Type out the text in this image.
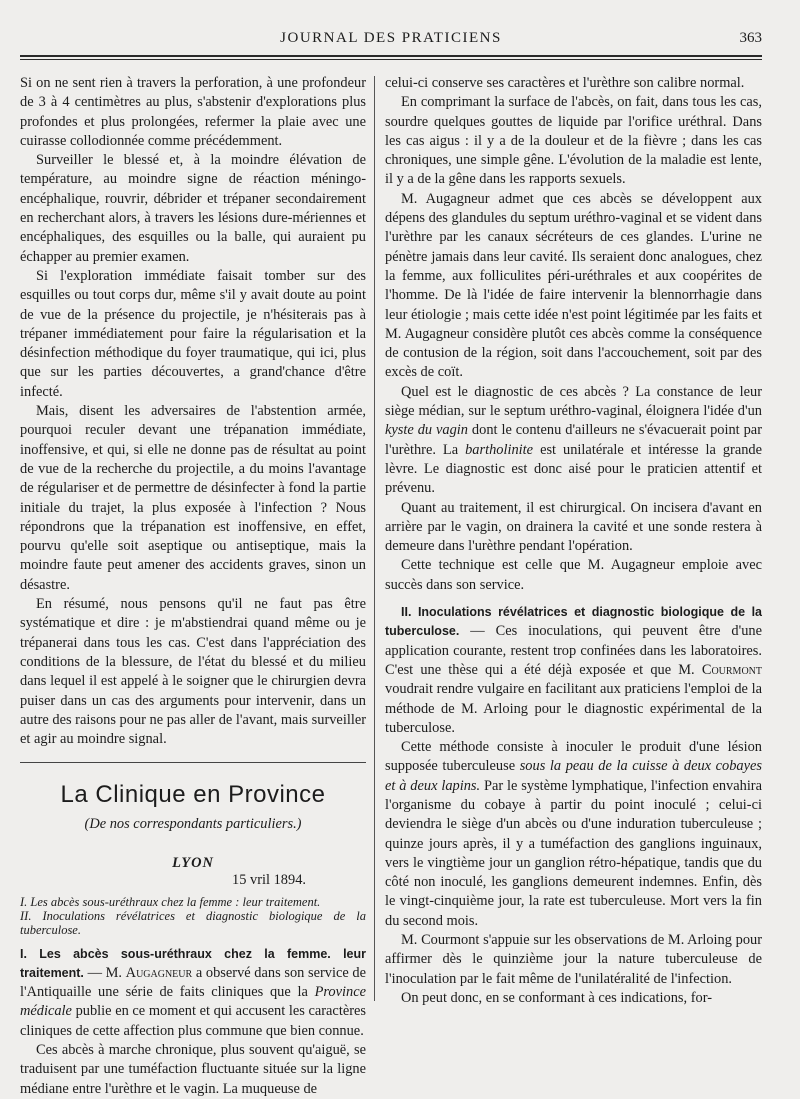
JOURNAL DES PRATICIENS	363

Si on ne sent rien à travers la perforation, à une profondeur de 3 à 4 centimètres au plus, s'abstenir d'explorations plus profondes et plus prolongées, refermer la plaie avec une cuirasse collodionnée comme précédemment.

Surveiller le blessé et, à la moindre élévation de température, au moindre signe de réaction méningo-encéphalique, rouvrir, débrider et trépaner secondairement en recherchant alors, à travers les lésions dure-mériennes et encéphaliques, des esquilles ou la balle, qui auraient pu échapper au premier examen.

Si l'exploration immédiate faisait tomber sur des esquilles ou tout corps dur, même s'il y avait doute au point de vue de la présence du projectile, je n'hésiterais pas à trépaner immédiatement pour faire la régularisation et la désinfection méthodique du foyer traumatique, qui ici, plus que sur les parties découvertes, a grand'chance d'être infecté.

Mais, disent les adversaires de l'abstention armée, pourquoi reculer devant une trépanation immédiate, inoffensive, et qui, si elle ne donne pas de résultat au point de vue de la recherche du projectile, a du moins l'avantage de régulariser et de permettre de désinfecter à fond la partie initiale du trajet, la plus exposée à l'infection ? Nous répondrons que la trépanation est inoffensive, en effet, pourvu qu'elle soit aseptique ou antiseptique, mais la moindre faute peut amener des accidents graves, sinon un désastre.

En résumé, nous pensons qu'il ne faut pas être systématique et dire : je m'abstiendrai quand même ou je trépanerai dans tous les cas. C'est dans l'appréciation des conditions de la blessure, de l'état du blessé et du milieu dans lequel il est appelé à le soigner que le chirurgien devra puiser dans un cas des arguments pour intervenir, dans un autre des raisons pour ne pas aller de l'avant, mais surveiller et agir au moindre signal.

La Clinique en Province
(De nos correspondants particuliers.)
LYON
15 vril 1894.

I. Les abcès sous-uréthraux chez la femme : leur traitement.

II. Inoculations révélatrices et diagnostic biologique de la tuberculose.

I. Les abcès sous-uréthraux chez la femme. leur traitement. — M. Augagneur a observé dans son service de l'Antiquaille une série de faits cliniques que la Province médicale publie en ce moment et qui accusent les caractères cliniques de cette affection plus commune que bien connue.

Ces abcès à marche chronique, plus souvent qu'aiguë, se traduisent par une tuméfaction fluctuante située sur la ligne médiane entre l'urèthre et le vagin. La muqueuse de

celui-ci conserve ses caractères et l'urèthre son calibre normal.

En comprimant la surface de l'abcès, on fait, dans tous les cas, sourdre quelques gouttes de liquide par l'orifice uréthral. Dans les cas aigus : il y a de la douleur et de la fièvre ; dans les cas chroniques, une simple gêne. L'évolution de la maladie est lente, il y a de la gêne dans les rapports sexuels.

M. Augagneur admet que ces abcès se développent aux dépens des glandules du septum uréthro-vaginal et se vident dans l'urèthre par les canaux sécréteurs de ces glandes. L'urine ne pénètre jamais dans leur cavité. Ils seraient donc analogues, chez la femme, aux folliculites péri-uréthrales et aux coopérites de l'homme. De là l'idée de faire intervenir la blennorrhagie dans leur étiologie ; mais cette idée n'est point légitimée par les faits et M. Augagneur considère plutôt ces abcès comme la conséquence de contusion de la région, soit dans l'accouchement, soit par des excès de coït.

Quel est le diagnostic de ces abcès ? La constance de leur siège médian, sur le septum uréthro-vaginal, éloignera l'idée d'un kyste du vagin dont le contenu d'ailleurs ne s'évacuerait point par l'urèthre. La bartholinite est unilatérale et intéresse la grande lèvre. Le diagnostic est donc aisé pour le praticien attentif et prévenu.

Quant au traitement, il est chirurgical. On incisera d'avant en arrière par le vagin, on drainera la cavité et une sonde restera à demeure dans l'urèthre pendant l'opération.

Cette technique est celle que M. Augagneur emploie avec succès dans son service.

II. Inoculations révélatrices et diagnostic biologique de la tuberculose. — Ces inoculations, qui peuvent être d'une application courante, restent trop confinées dans les laboratoires. C'est une thèse qui a été déjà exposée et que M. Courmont voudrait rendre vulgaire en facilitant aux praticiens l'emploi de la méthode de M. Arloing pour le diagnostic expérimental de la tuberculose.

Cette méthode consiste à inoculer le produit d'une lésion supposée tuberculeuse sous la peau de la cuisse à deux cobayes et à deux lapins. Par le système lymphatique, l'infection envahira l'organisme du cobaye à partir du point inoculé ; celui-ci deviendra le siège d'un abcès ou d'une induration tuberculeuse ; quinze jours après, il y a tuméfaction des ganglions inguinaux, vers le vingtième jour un ganglion rétro-hépatique, tandis que du côté non inoculé, les ganglions demeurent indemnes. Enfin, dès le vingt-cinquième jour, la rate est tuberculeuse. Mort vers la fin du second mois.

M. Courmont s'appuie sur les observations de M. Arloing pour affirmer dès le quinzième jour la nature tuberculeuse de l'inoculation par le fait même de l'unilatéralité de l'infection.

On peut donc, en se conformant à ces indications, for-
